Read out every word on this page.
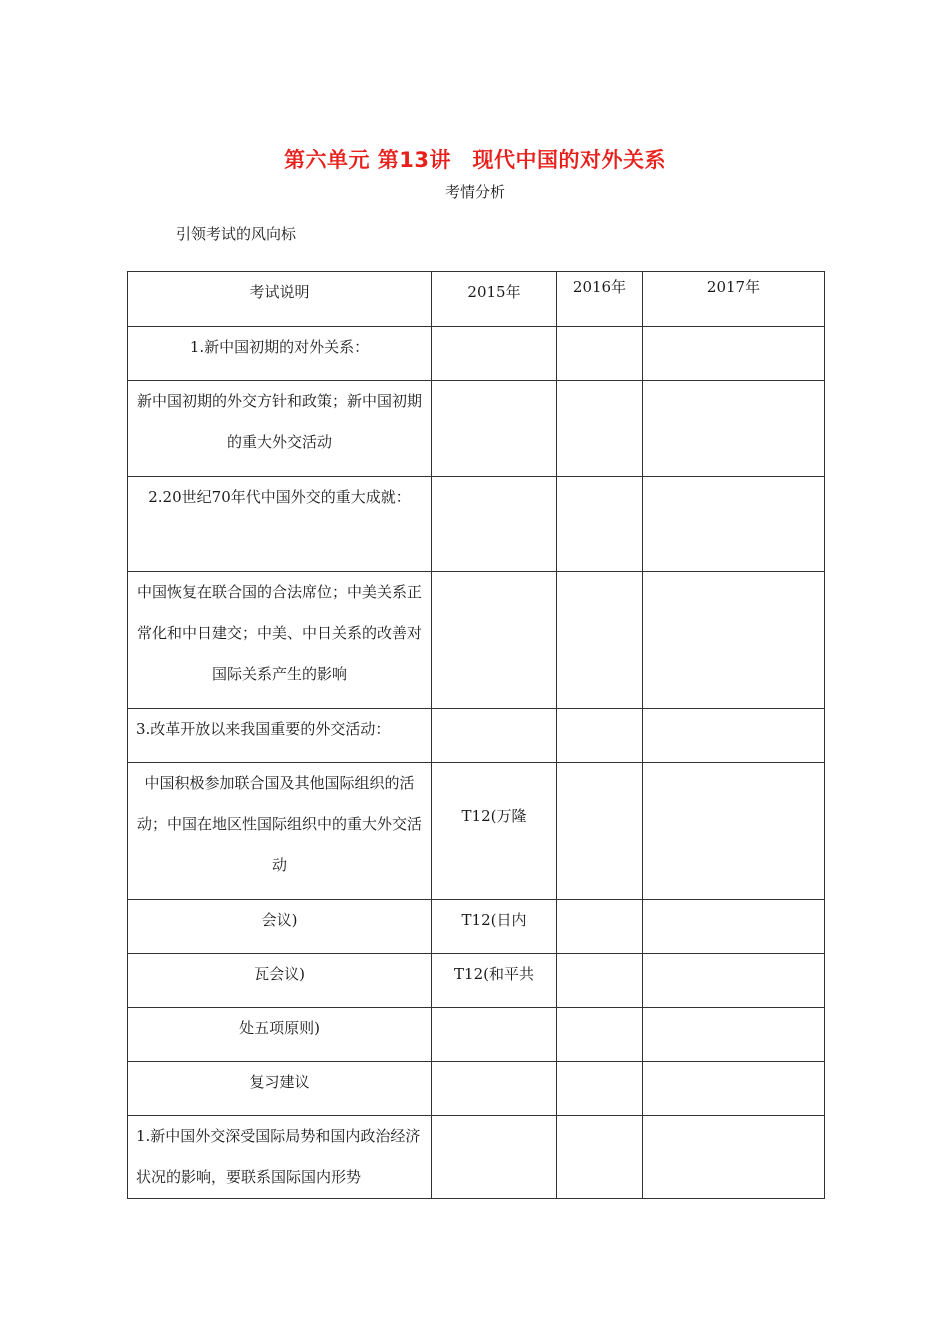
第六单元 第13讲　现代中国的对外关系
考情分析
引领考试的风向标
考试说明	2015年	2016年	2017年
1.新中国初期的对外关系：			
新中国初期的外交方针和政策；新中国初期的重大外交活动			
2.20世纪70年代中国外交的重大成就：			
中国恢复在联合国的合法席位；中美关系正常化和中日建交；中美、中日关系的改善对国际关系产生的影响			
3.改革开放以来我国重要的外交活动：			
中国积极参加联合国及其他国际组织的活动；中国在地区性国际组织中的重大外交活动	T12(万隆		
会议)	T12(日内		
瓦会议)	T12(和平共		
处五项原则)			
复习建议			
1.新中国外交深受国际局势和国内政治经济状况的影响，要联系国际国内形势			
